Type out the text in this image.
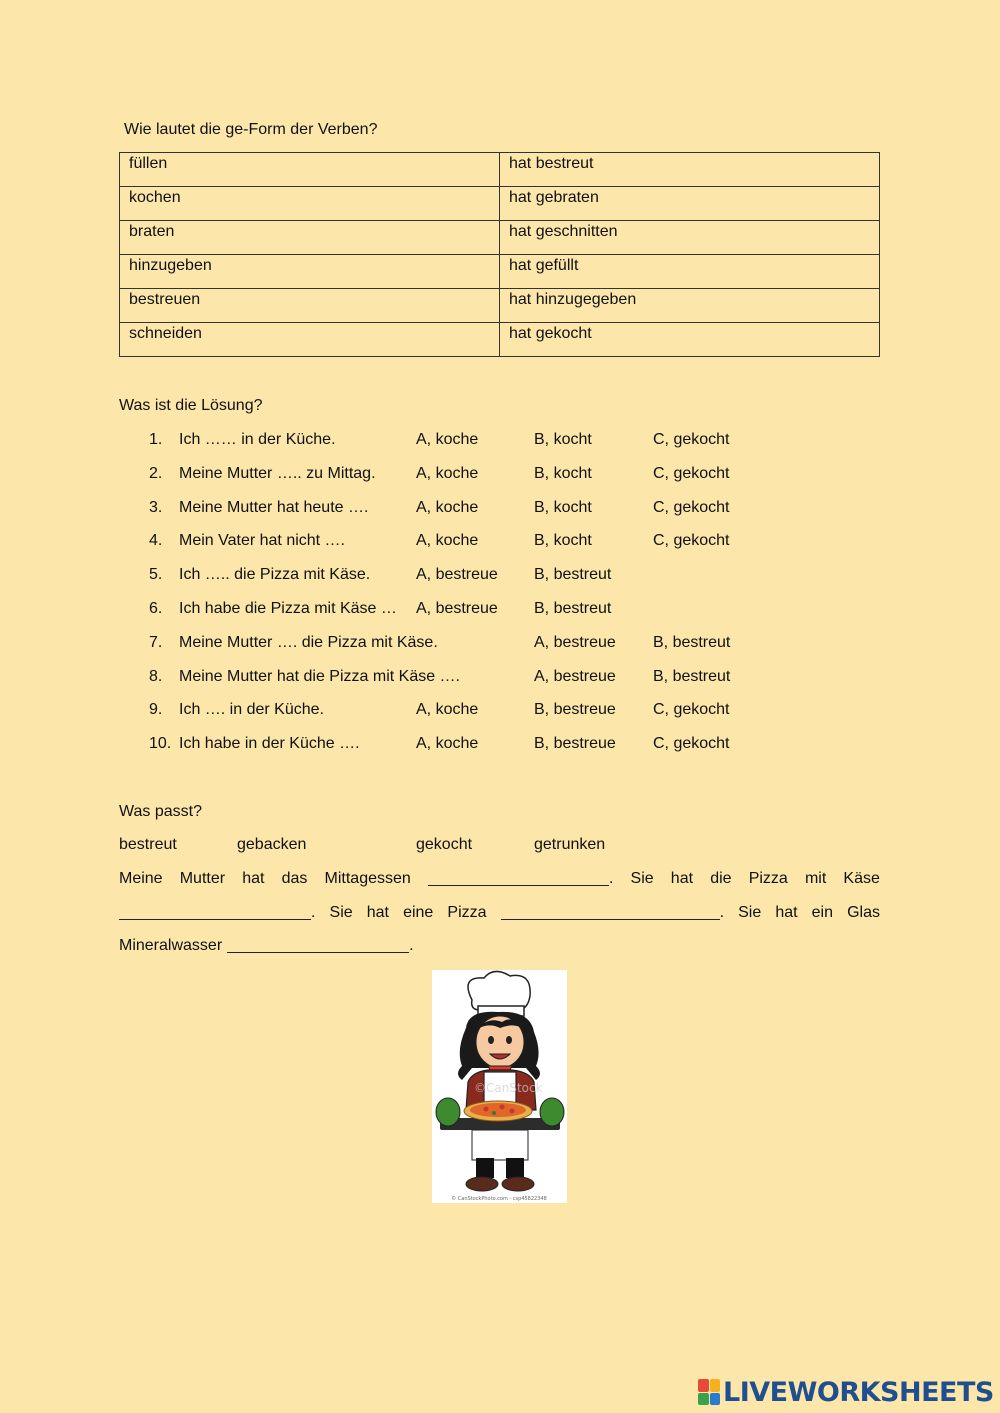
Wie lautet die ge-Form der Verben?
füllen	hat bestreut
kochen	hat gebraten
braten	hat geschnitten
hinzugeben	hat gefüllt
bestreuen	hat hinzugegeben
schneiden	hat gekocht
Was ist die Lösung?
1. Ich …… in der Küche.	A, koche	B, kocht	C, gekocht
2. Meine Mutter ….. zu Mittag.	A, koche	B, kocht	C, gekocht
3. Meine Mutter hat heute ….	A, koche	B, kocht	C, gekocht
4. Mein Vater hat nicht ….	A, koche	B, kocht	C, gekocht
5. Ich ….. die Pizza mit Käse.	A, bestreue B, bestreut
6. Ich habe die Pizza mit Käse … A, bestreue B, bestreut
7. Meine Mutter …. die Pizza mit Käse.	A, bestreue B, bestreut
8. Meine Mutter hat die Pizza mit Käse ….	A, bestreue B, bestreut
9. Ich …. in der Küche.	A, koche	B, bestreue C, gekocht
10. Ich habe in der Küche ….	A, koche	B, bestreue C, gekocht
Was passt?
bestreut	gebacken	gekocht	getrunken
Meine Mutter hat das Mittagessen	. Sie hat die Pizza mit Käse
. Sie hat eine Pizza	. Sie hat ein Glas
Mineralwasser	.
©CanStock
© CanStockPhoto.com - csp45822348
LIVEWORKSHEETS
